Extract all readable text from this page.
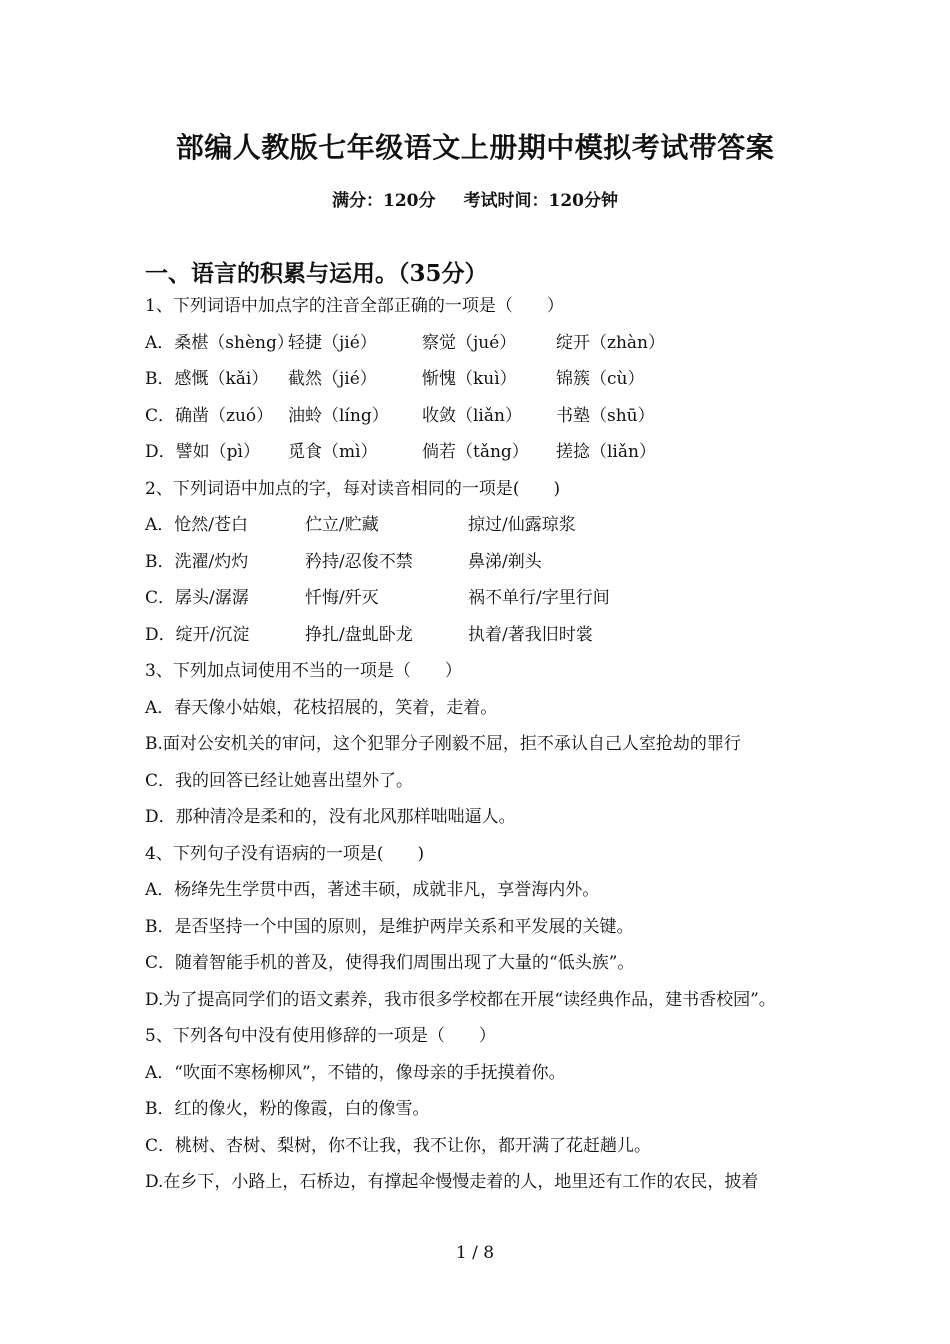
部编人教版七年级语文上册期中模拟考试带答案
满分：120分 考试时间：120分钟
一、语言的积累与运用。（35分）
1、下列词语中加点字的注音全部正确的一项是（　　）
A．桑椹（shèng）轻捷（jié）	察觉（jué） 绽开（zhàn）
B．感慨（kǎi） 截然（jié）	惭愧（kuì） 锦簇（cù）
C．确凿（zuó） 油蛉（líng） 收敛（liǎn） 书塾（shū）
D．譬如（pì） 觅食（mì）	倘若（tǎng） 搓捻（liǎn）
2、下列词语中加点的字，每对读音相同的一项是(　　)
A．怆然/苍白	伫立/贮藏	掠过/仙露琼浆
B．洗濯/灼灼	矜持/忍俊不禁	鼻涕/剃头
C．孱头/潺潺	忏悔/歼灭	祸不单行/字里行间
D．绽开/沉淀	挣扎/盘虬卧龙	执着/著我旧时裳
3、下列加点词使用不当的一项是（　　）
A．春天像小姑娘，花枝招展的，笑着，走着。
B.面对公安机关的审问，这个犯罪分子刚毅不屈，拒不承认自己人室抢劫的罪行
C．我的回答已经让她喜出望外了。
D．那种清冷是柔和的，没有北风那样咄咄逼人。
4、下列句子没有语病的一项是(　　)
A．杨绛先生学贯中西，著述丰硕，成就非凡，享誉海内外。
B．是否坚持一个中国的原则，是维护两岸关系和平发展的关键。
C．随着智能手机的普及，使得我们周围出现了大量的“低头族”。
D.为了提高同学们的语文素养，我市很多学校都在开展“读经典作品，建书香校园”。
5、下列各句中没有使用修辞的一项是（　　）
A．“吹面不寒杨柳风”，不错的，像母亲的手抚摸着你。
B．红的像火，粉的像霞，白的像雪。
C．桃树、杏树、梨树，你不让我，我不让你，都开满了花赶趟儿。
D.在乡下，小路上，石桥边，有撑起伞慢慢走着的人，地里还有工作的农民，披着
1 / 8
